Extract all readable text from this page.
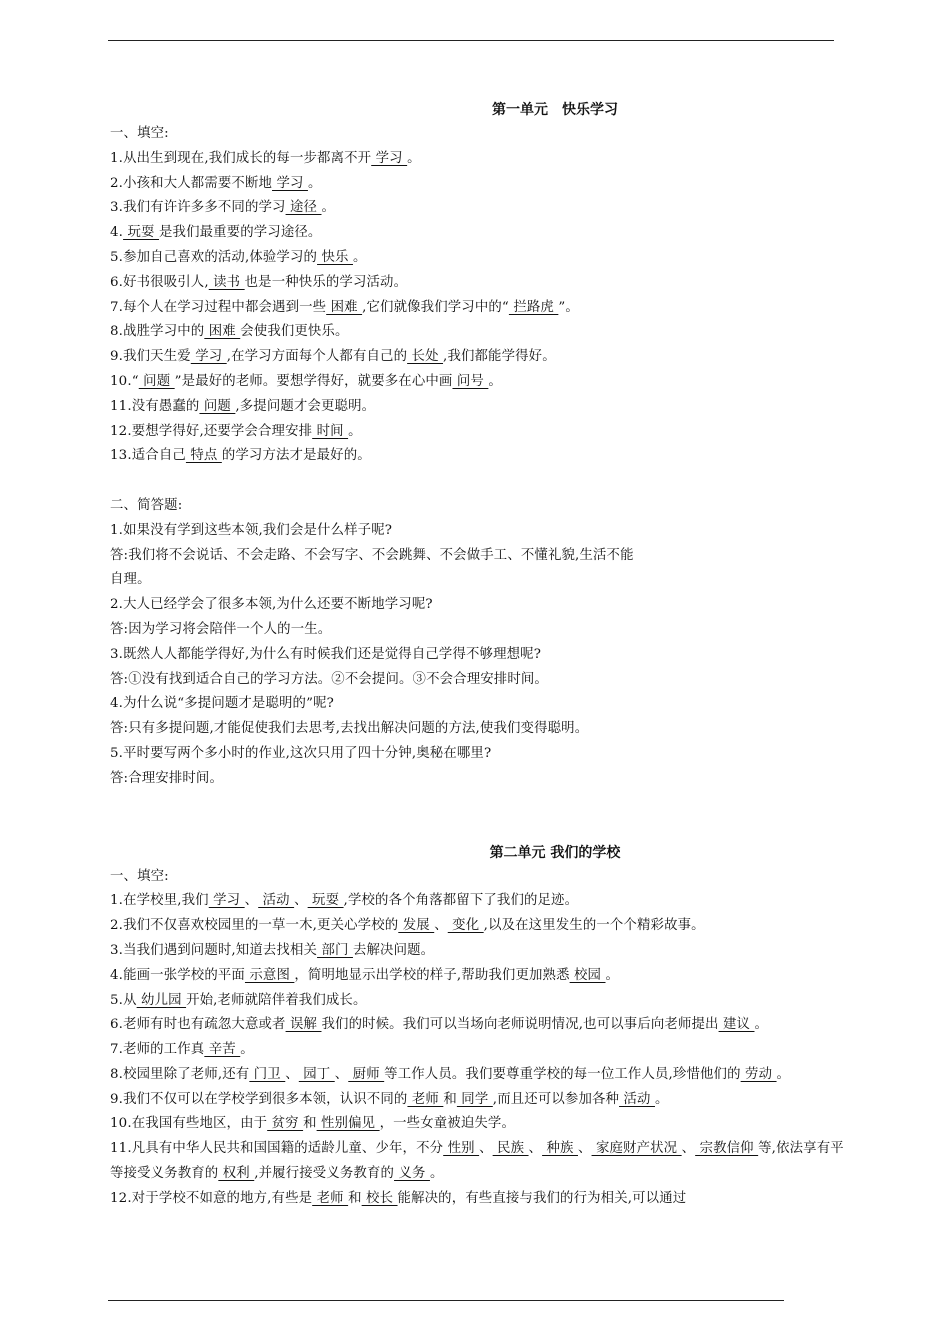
第一单元　快乐学习
一、填空:
1.从出生到现在,我们成长的每一步都离不开 学习 。
2.小孩和大人都需要不断地 学习 。
3.我们有许许多多不同的学习 途径 。
4. 玩耍 是我们最重要的学习途径。
5.参加自己喜欢的活动,体验学习的 快乐 。
6.好书很吸引人, 读书 也是一种快乐的学习活动。
7.每个人在学习过程中都会遇到一些 困难 ,它们就像我们学习中的“ 拦路虎 ”。
8.战胜学习中的 困难 会使我们更快乐。
9.我们天生爱 学习 ,在学习方面每个人都有自己的 长处 ,我们都能学得好。
10.“ 问题 ”是最好的老师。要想学得好，就要多在心中画 问号 。
11.没有愚蠢的 问题 ,多提问题才会更聪明。
12.要想学得好,还要学会合理安排 时间 。
13.适合自己 特点 的学习方法才是最好的。
二、简答题:
1.如果没有学到这些本领,我们会是什么样子呢?
答:我们将不会说话、不会走路、不会写字、不会跳舞、不会做手工、不懂礼貌,生活不能
自理。
2.大人已经学会了很多本领,为什么还要不断地学习呢?
答:因为学习将会陪伴一个人的一生。
3.既然人人都能学得好,为什么有时候我们还是觉得自己学得不够理想呢?
答:①没有找到适合自己的学习方法。②不会提问。③不会合理安排时间。
4.为什么说“多提问题才是聪明的”呢?
答:只有多提问题,才能促使我们去思考,去找出解决问题的方法,使我们变得聪明。
5.平时要写两个多小时的作业,这次只用了四十分钟,奥秘在哪里?
答:合理安排时间。
第二单元 我们的学校
一、填空:
1.在学校里,我们 学习 、 活动 、 玩耍 ,学校的各个角落都留下了我们的足迹。
2.我们不仅喜欢校园里的一草一木,更关心学校的 发展 、 变化 ,以及在这里发生的一个个精彩故事。
3.当我们遇到问题时,知道去找相关 部门 去解决问题。
4.能画一张学校的平面 示意图 ，简明地显示出学校的样子,帮助我们更加熟悉 校园 。
5.从 幼儿园 开始,老师就陪伴着我们成长。
6.老师有时也有疏忽大意或者 误解 我们的时候。我们可以当场向老师说明情况,也可以事后向老师提出 建议 。
7.老师的工作真 辛苦 。
8.校园里除了老师,还有 门卫 、 园丁 、 厨师 等工作人员。我们要尊重学校的每一位工作人员,珍惜他们的 劳动 。
9.我们不仅可以在学校学到很多本领，认识不同的 老师 和 同学 ,而且还可以参加各种 活动 。
10.在我国有些地区，由于 贫穷 和 性别偏见 ，一些女童被迫失学。
11.凡具有中华人民共和国国籍的适龄儿童、少年，不分 性别 、 民族 、 种族 、 家庭财产状况 、 宗教信仰 等,依法享有平等接受义务教育的 权利 ,并履行接受义务教育的 义务 。
12.对于学校不如意的地方,有些是 老师 和 校长 能解决的，有些直接与我们的行为相关,可以通过
